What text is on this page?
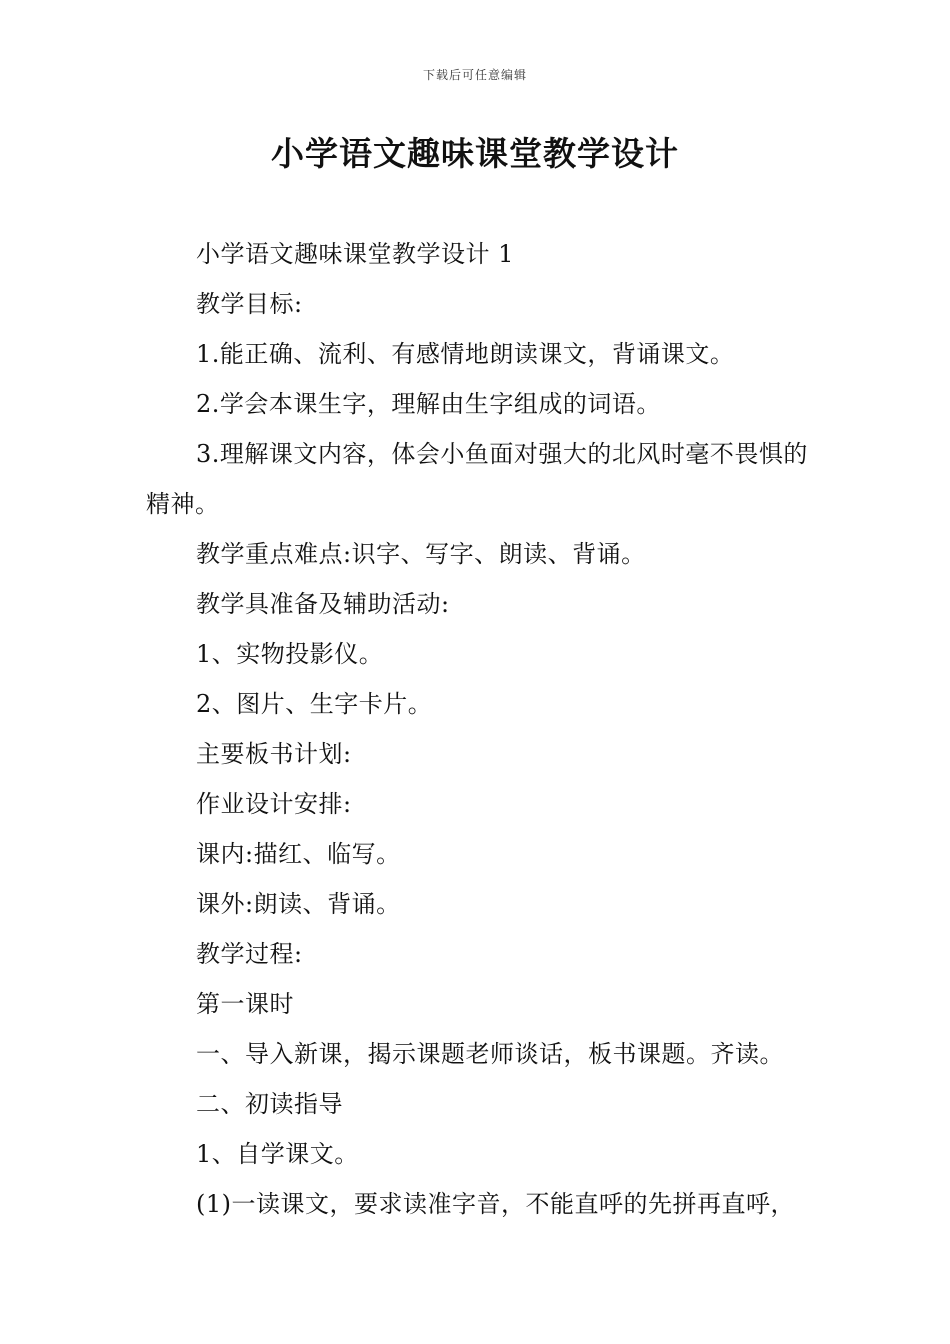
下载后可任意编辑
小学语文趣味课堂教学设计

小学语文趣味课堂教学设计 1

教学目标:

1.能正确、流利、有感情地朗读课文，背诵课文。

2.学会本课生字，理解由生字组成的词语。

3.理解课文内容，体会小鱼面对强大的北风时毫不畏惧的精神。

教学重点难点:识字、写字、朗读、背诵。

教学具准备及辅助活动:

1、实物投影仪。

2、图片、生字卡片。

主要板书计划:

作业设计安排:

课内:描红、临写。

课外:朗读、背诵。

教学过程:

第一课时

一、导入新课，揭示课题老师谈话，板书课题。齐读。

二、初读指导

1、自学课文。

(1)一读课文，要求读准字音，不能直呼的先拼再直呼，
